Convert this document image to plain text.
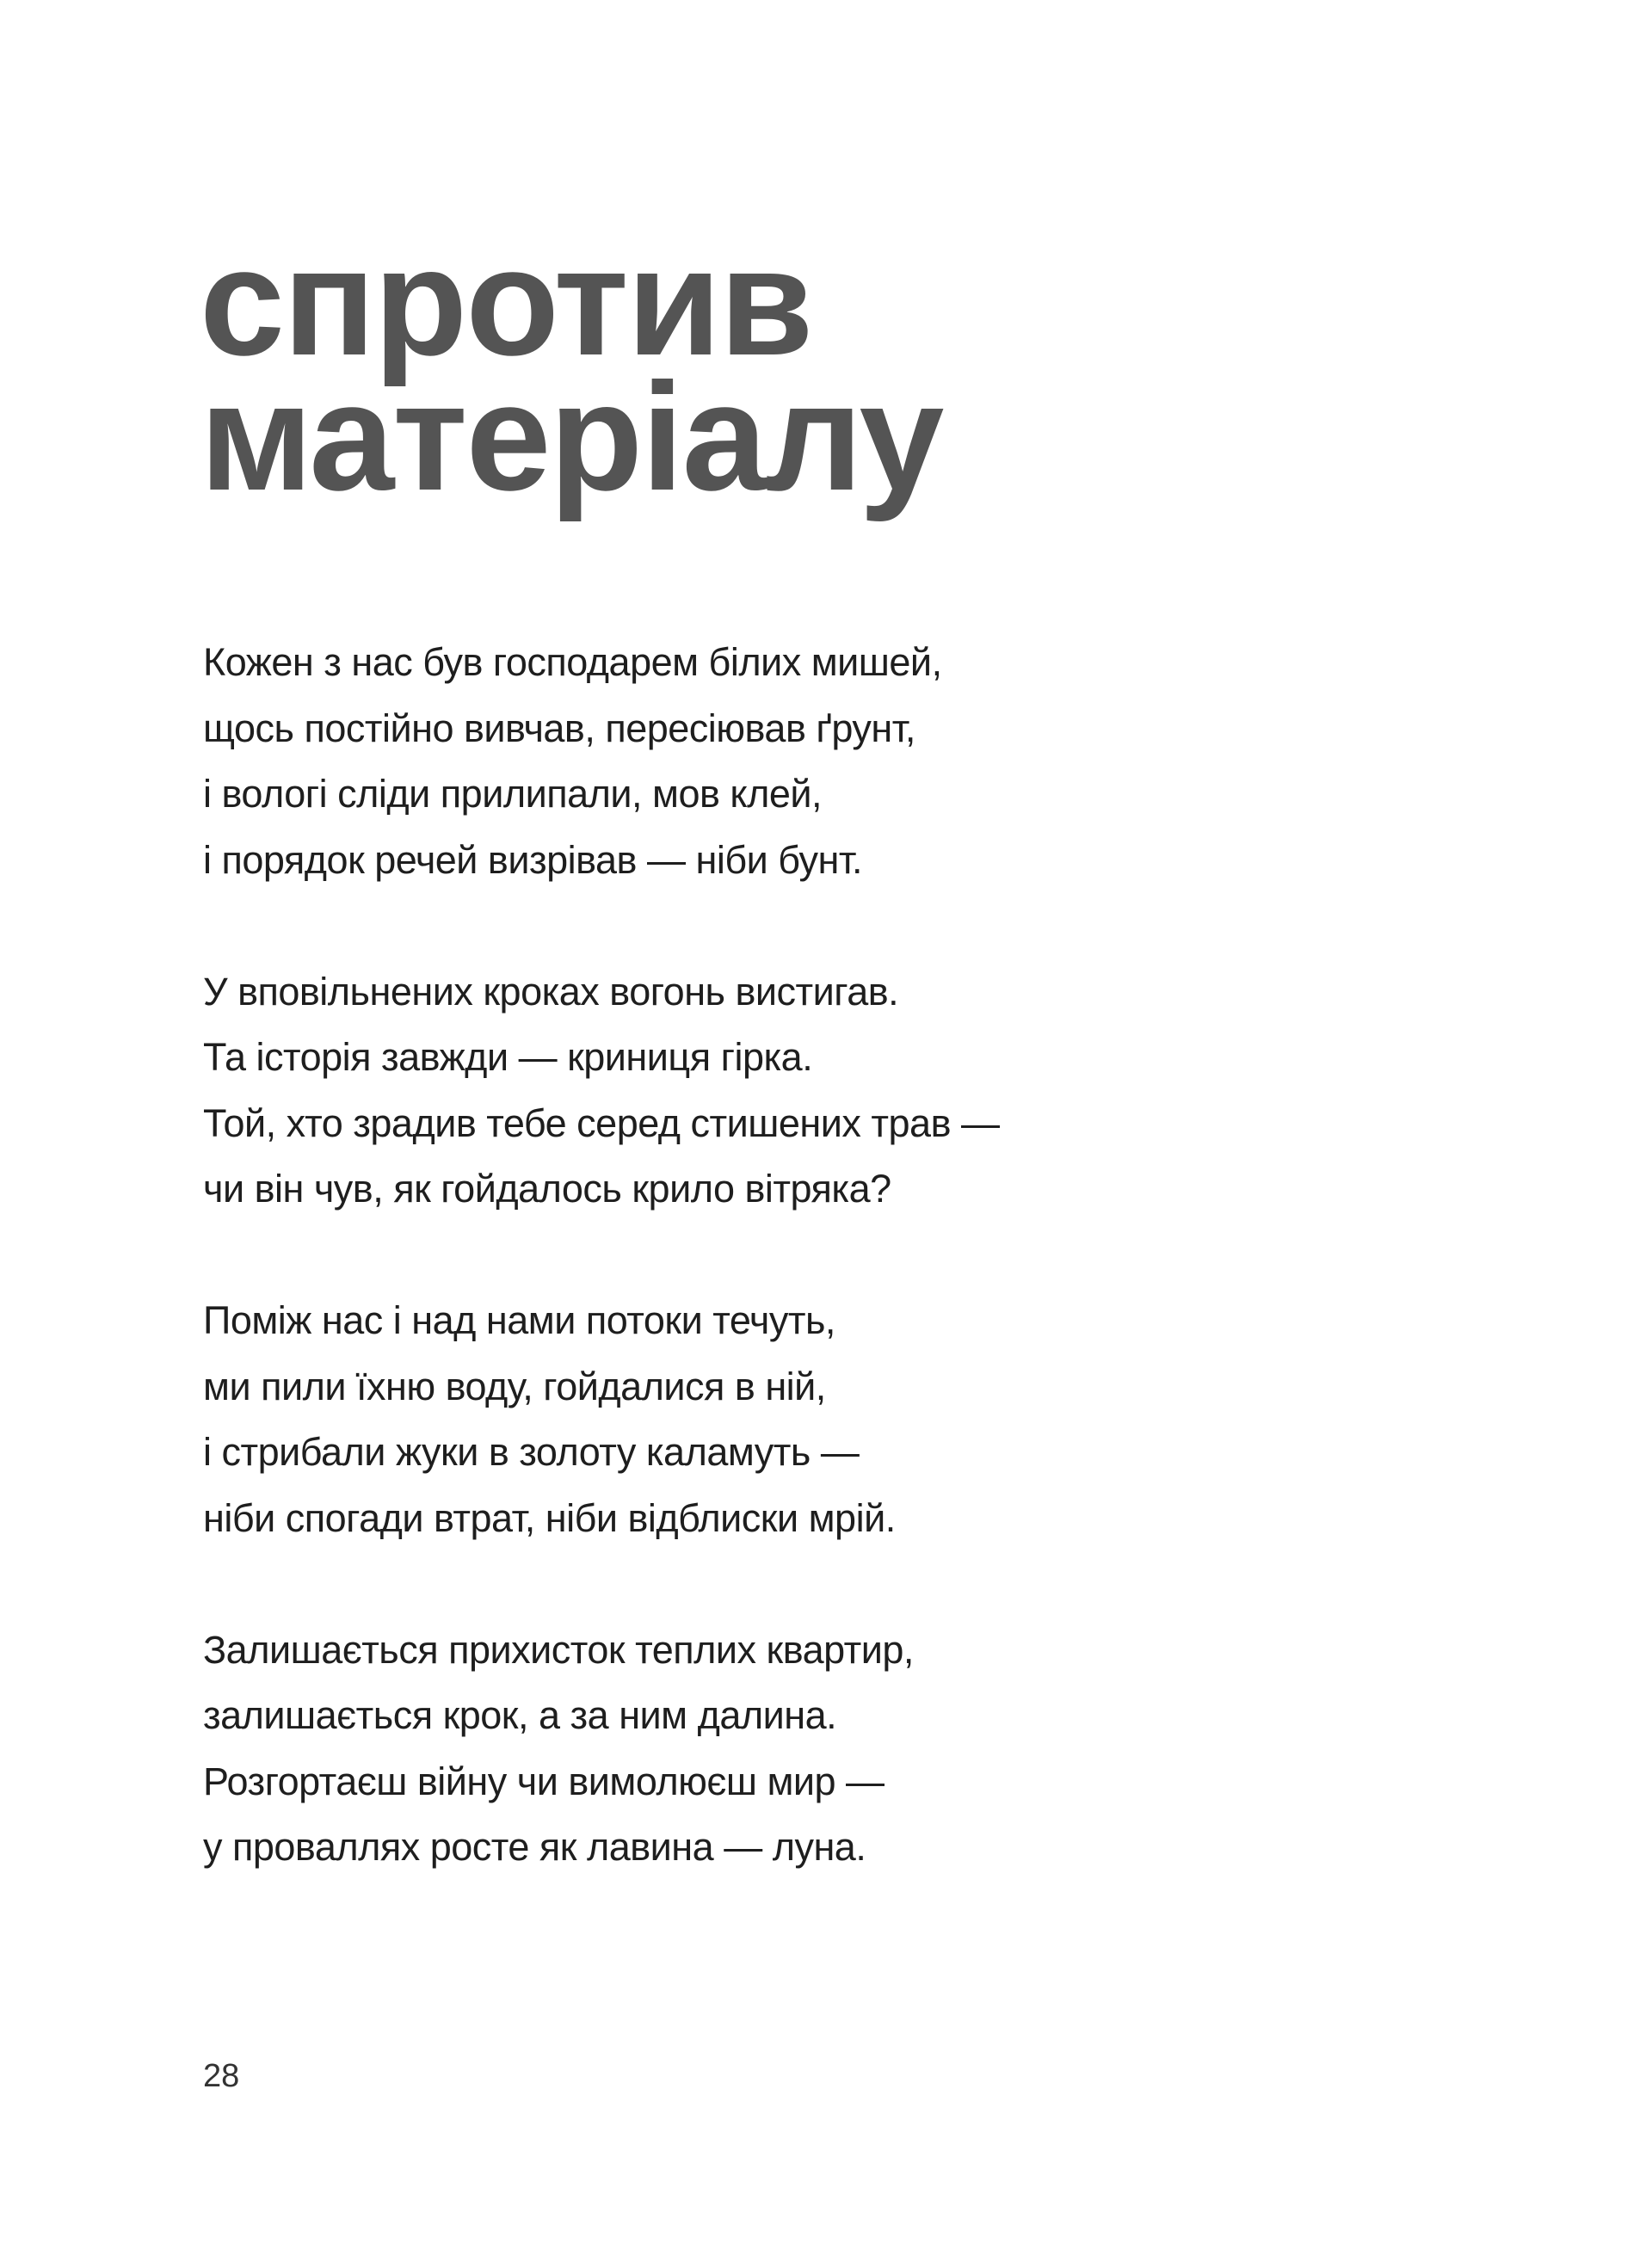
спротив
матеріалу
Кожен з нас був господарем білих мишей,
щось постійно вивчав, пересіював ґрунт,
і вологі сліди прилипали, мов клей,
і порядок речей визрівав — ніби бунт.
У вповільнених кроках вогонь вистигав.
Та історія завжди — криниця гірка.
Той, хто зрадив тебе серед стишених трав —
чи він чув, як гойдалось крило вітряка?
Поміж нас і над нами потоки течуть,
ми пили їхню воду, гойдалися в ній,
і стрибали жуки в золоту каламуть —
ніби спогади втрат, ніби відблиски мрій.
Залишається прихисток теплих квартир,
залишається крок, а за ним далина.
Розгортаєш війну чи вимолюєш мир —
у проваллях росте як лавина — луна.
28
